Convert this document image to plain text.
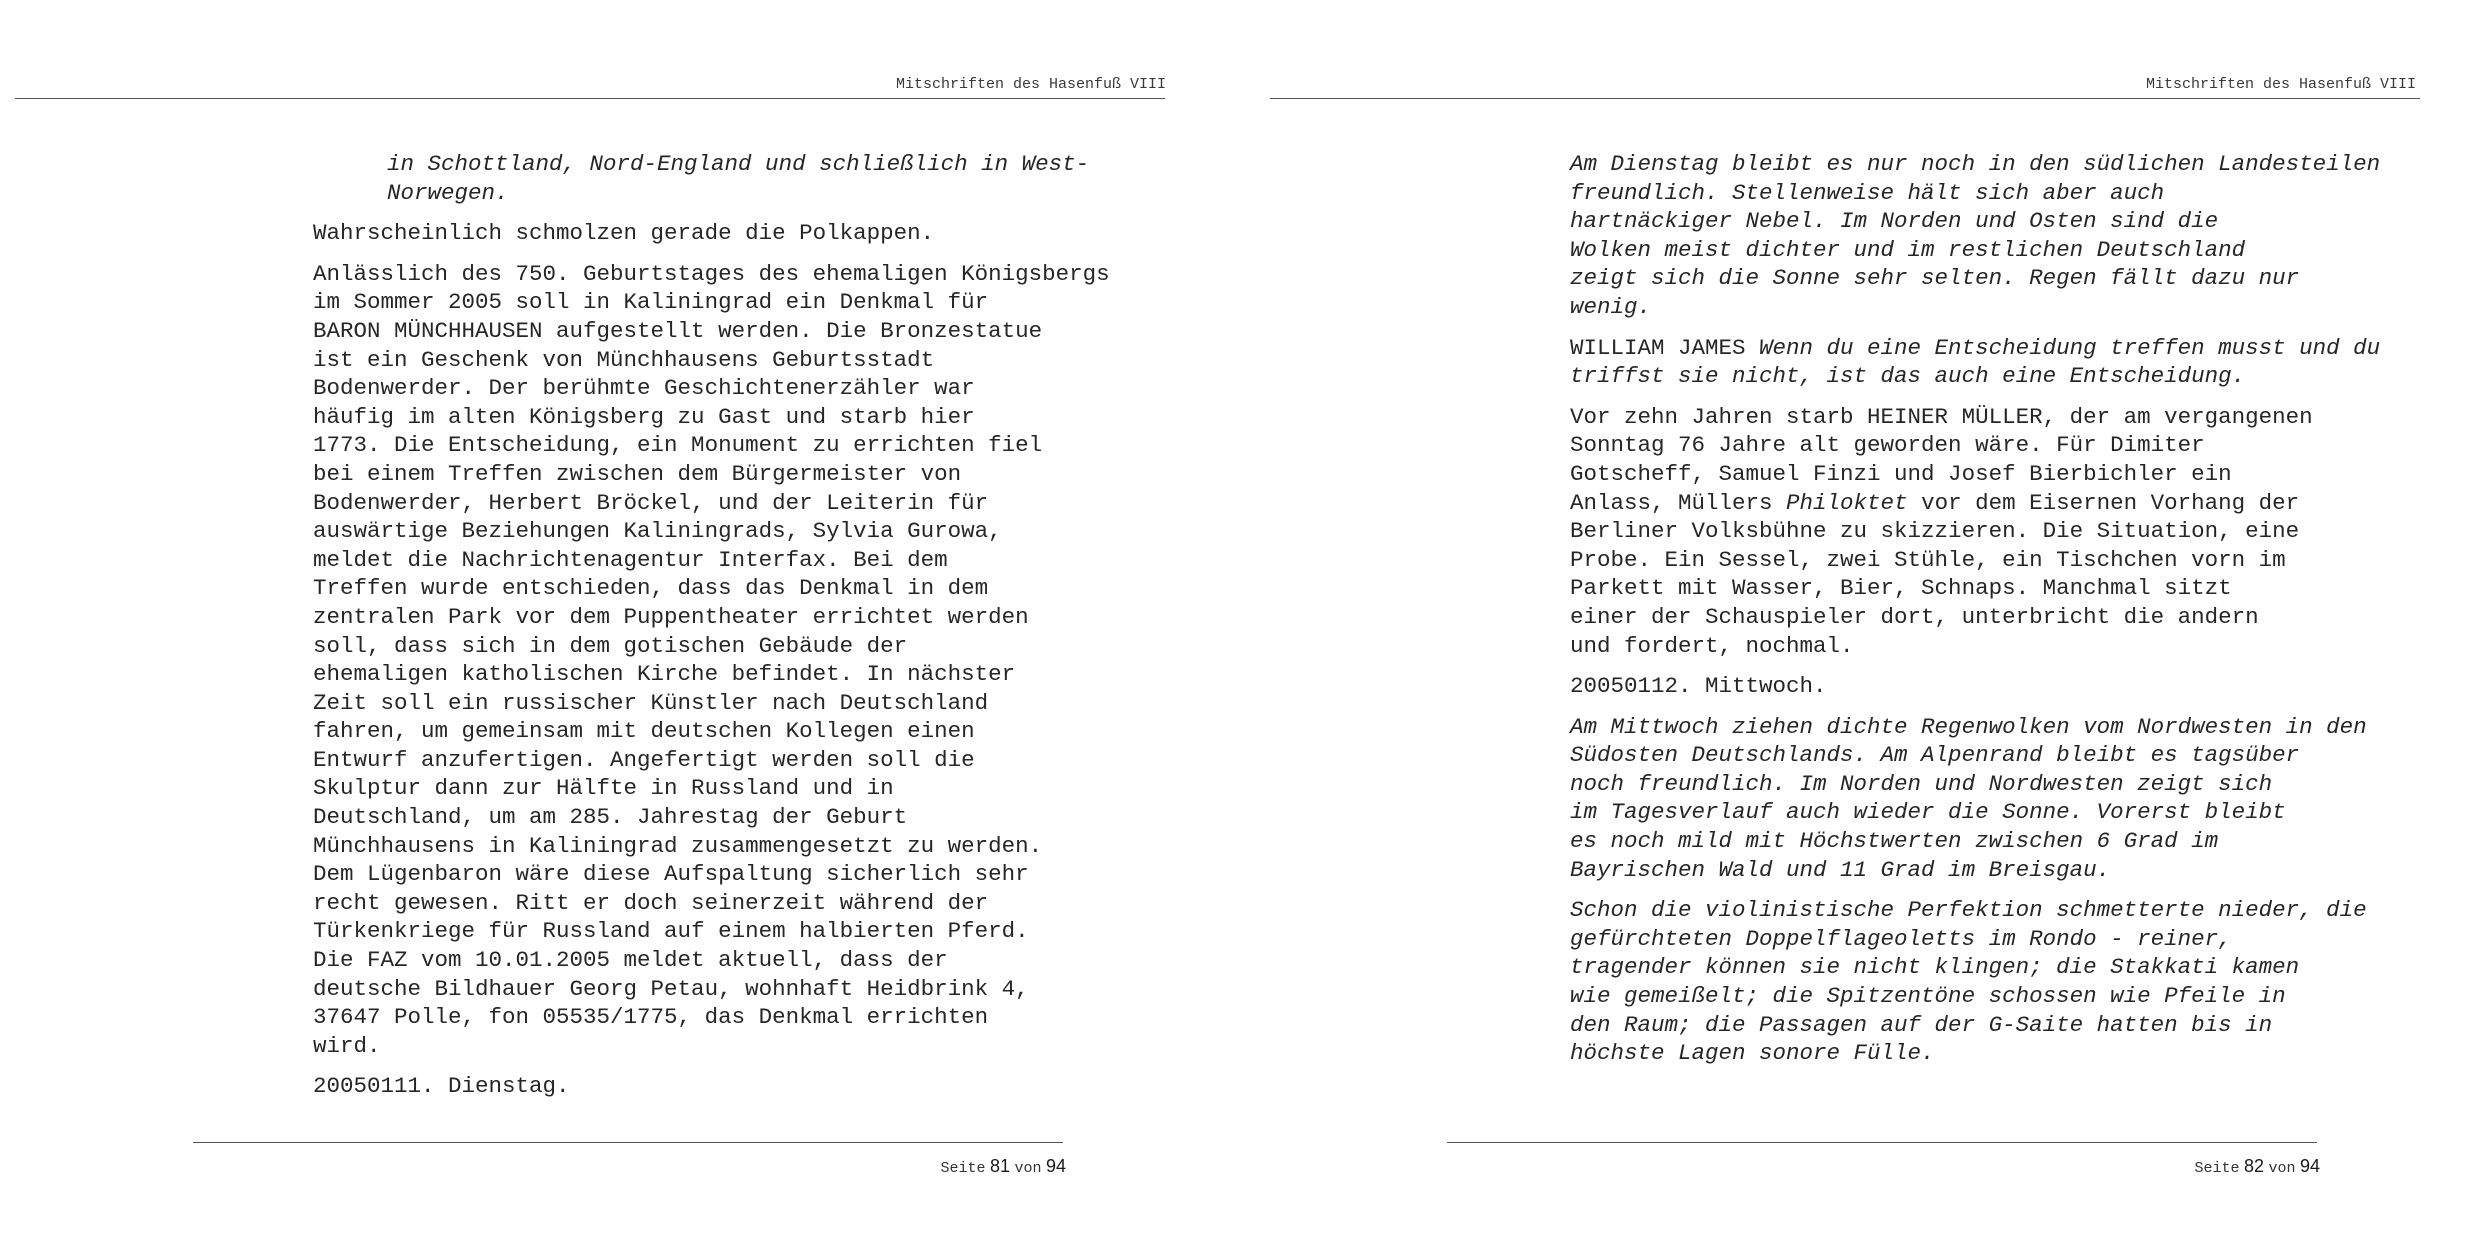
Mitschriften des Hasenfuß VIII

in Schottland, Nord-England und schließlich in West-
Norwegen.

Wahrscheinlich schmolzen gerade die Polkappen.

Anlässlich des 750. Geburtstages des ehemaligen Königsbergs
im Sommer 2005 soll in Kaliningrad ein Denkmal für
BARON MÜNCHHAUSEN aufgestellt werden. Die Bronzestatue
ist ein Geschenk von Münchhausens Geburtsstadt
Bodenwerder. Der berühmte Geschichtenerzähler war
häufig im alten Königsberg zu Gast und starb hier
1773. Die Entscheidung, ein Monument zu errichten fiel
bei einem Treffen zwischen dem Bürgermeister von
Bodenwerder, Herbert Bröckel, und der Leiterin für
auswärtige Beziehungen Kaliningrads, Sylvia Gurowa,
meldet die Nachrichtenagentur Interfax. Bei dem
Treffen wurde entschieden, dass das Denkmal in dem
zentralen Park vor dem Puppentheater errichtet werden
soll, dass sich in dem gotischen Gebäude der
ehemaligen katholischen Kirche befindet. In nächster
Zeit soll ein russischer Künstler nach Deutschland
fahren, um gemeinsam mit deutschen Kollegen einen
Entwurf anzufertigen. Angefertigt werden soll die
Skulptur dann zur Hälfte in Russland und in
Deutschland, um am 285. Jahrestag der Geburt
Münchhausens in Kaliningrad zusammengesetzt zu werden.
Dem Lügenbaron wäre diese Aufspaltung sicherlich sehr
recht gewesen. Ritt er doch seinerzeit während der
Türkenkriege für Russland auf einem halbierten Pferd.
Die FAZ vom 10.01.2005 meldet aktuell, dass der
deutsche Bildhauer Georg Petau, wohnhaft Heidbrink 4,
37647 Polle, fon 05535/1775, das Denkmal errichten
wird.

20050111. Dienstag.

Seite 81 von 94
Mitschriften des Hasenfuß VIII

Am Dienstag bleibt es nur noch in den südlichen Landesteilen
freundlich. Stellenweise hält sich aber auch
hartnäckiger Nebel. Im Norden und Osten sind die
Wolken meist dichter und im restlichen Deutschland
zeigt sich die Sonne sehr selten. Regen fällt dazu nur
wenig.

WILLIAM JAMES Wenn du eine Entscheidung treffen musst und du
triffst sie nicht, ist das auch eine Entscheidung.

Vor zehn Jahren starb HEINER MÜLLER, der am vergangenen
Sonntag 76 Jahre alt geworden wäre. Für Dimiter
Gotscheff, Samuel Finzi und Josef Bierbichler ein
Anlass, Müllers Philoktet vor dem Eisernen Vorhang der
Berliner Volksbühne zu skizzieren. Die Situation, eine
Probe. Ein Sessel, zwei Stühle, ein Tischchen vorn im
Parkett mit Wasser, Bier, Schnaps. Manchmal sitzt
einer der Schauspieler dort, unterbricht die andern
und fordert, nochmal.

20050112. Mittwoch.

Am Mittwoch ziehen dichte Regenwolken vom Nordwesten in den
Südosten Deutschlands. Am Alpenrand bleibt es tagsüber
noch freundlich. Im Norden und Nordwesten zeigt sich
im Tagesverlauf auch wieder die Sonne. Vorerst bleibt
es noch mild mit Höchstwerten zwischen 6 Grad im
Bayrischen Wald und 11 Grad im Breisgau.

Schon die violinistische Perfektion schmetterte nieder, die
gefürchteten Doppelflageoletts im Rondo - reiner,
tragender können sie nicht klingen; die Stakkati kamen
wie gemeißelt; die Spitzentöne schossen wie Pfeile in
den Raum; die Passagen auf der G-Saite hatten bis in
höchste Lagen sonore Fülle.

Seite 82 von 94
